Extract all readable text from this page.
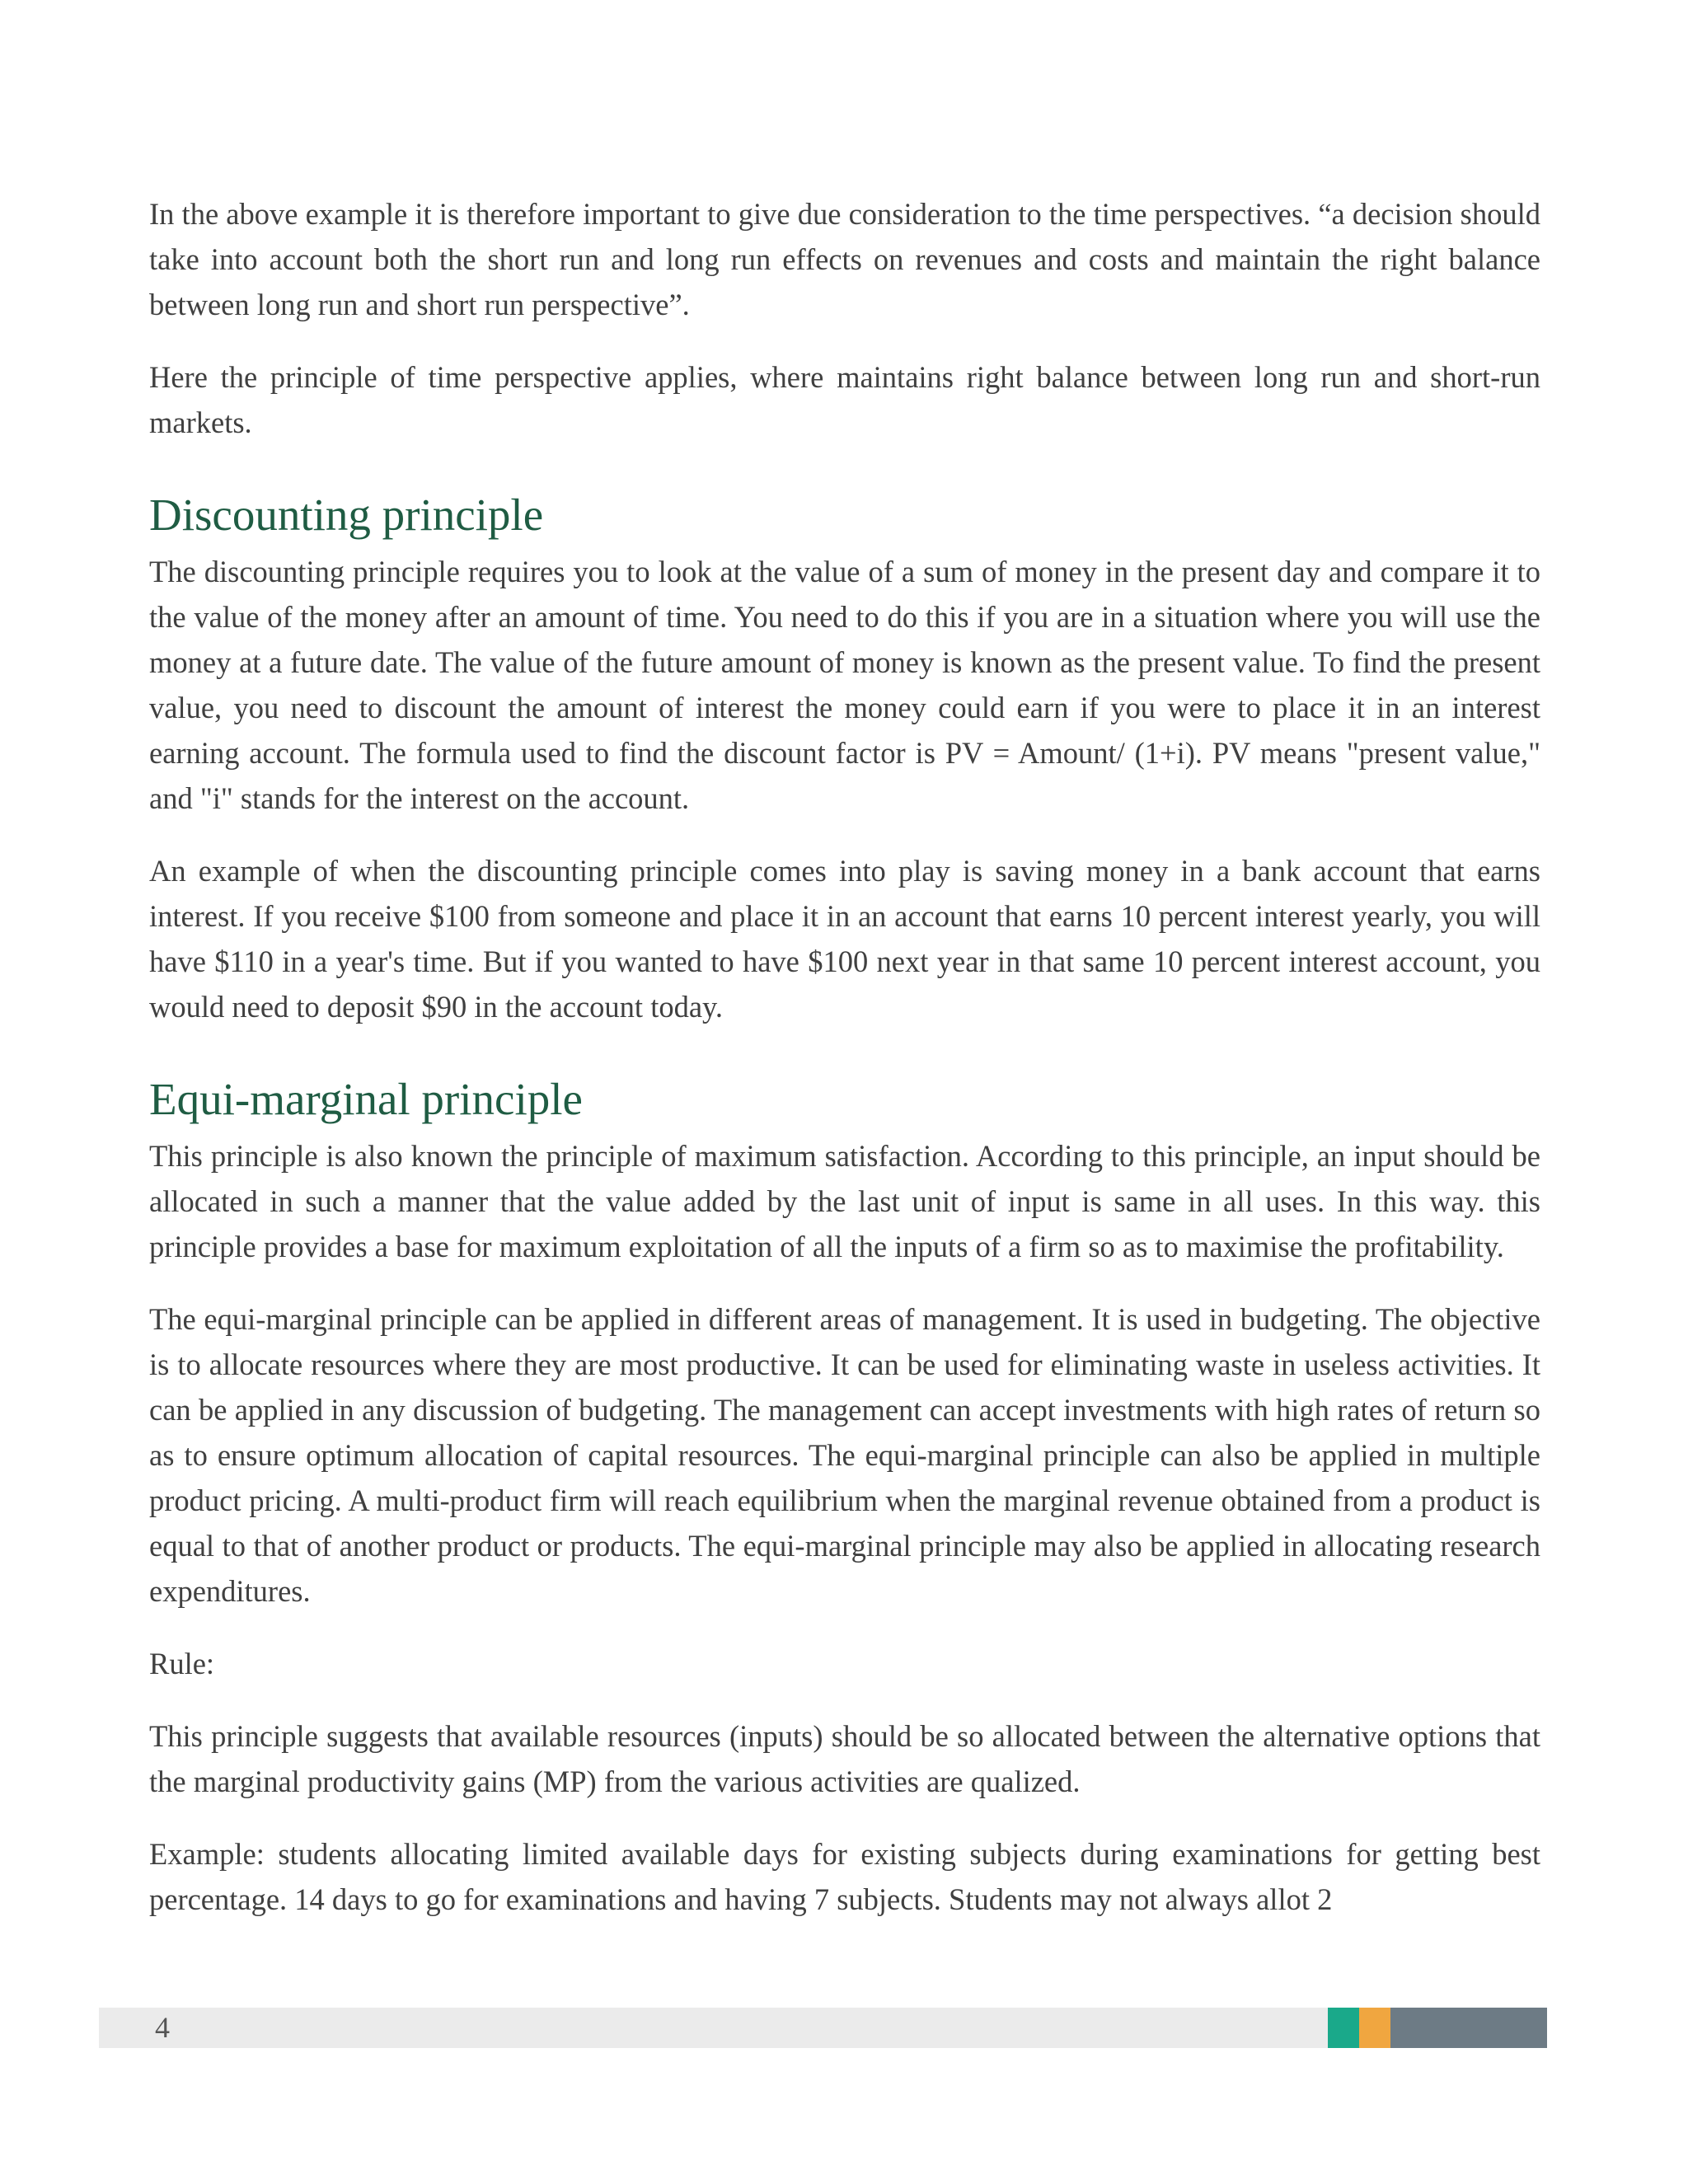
In the above example it is therefore important to give due consideration to the time perspectives. “a decision should take into account both the short run and long run effects on revenues and costs and maintain the right balance between long run and short run perspective”.

Here the principle of time perspective applies, where maintains right balance between long run and short-run markets.

Discounting principle

The discounting principle requires you to look at the value of a sum of money in the present day and compare it to the value of the money after an amount of time. You need to do this if you are in a situation where you will use the money at a future date. The value of the future amount of money is known as the present value. To find the present value, you need to discount the amount of interest the money could earn if you were to place it in an interest earning account. The formula used to find the discount factor is PV = Amount/ (1+i). PV means "present value," and "i" stands for the interest on the account.

An example of when the discounting principle comes into play is saving money in a bank account that earns interest. If you receive $100 from someone and place it in an account that earns 10 percent interest yearly, you will have $110 in a year's time. But if you wanted to have $100 next year in that same 10 percent interest account, you would need to deposit $90 in the account today.

Equi-marginal principle

This principle is also known the principle of maximum satisfaction. According to this principle, an input should be allocated in such a manner that the value added by the last unit of input is same in all uses. In this way. this principle provides a base for maximum exploitation of all the inputs of a firm so as to maximise the profitability.

The equi-marginal principle can be applied in different areas of management. It is used in budgeting. The objective is to allocate resources where they are most productive. It can be used for eliminating waste in useless activities. It can be applied in any discussion of budgeting. The management can accept investments with high rates of return so as to ensure optimum allocation of capital resources. The equi-marginal principle can also be applied in multiple product pricing. A multi-product firm will reach equilibrium when the marginal revenue obtained from a product is equal to that of another product or products. The equi-marginal principle may also be applied in allocating research expenditures.

Rule:

This principle suggests that available resources (inputs) should be so allocated between the alternative options that the marginal productivity gains (MP) from the various activities are qualized.

Example: students allocating limited available days for existing subjects during examinations for getting best percentage. 14 days to go for examinations and having 7 subjects. Students may not always allot 2

4
